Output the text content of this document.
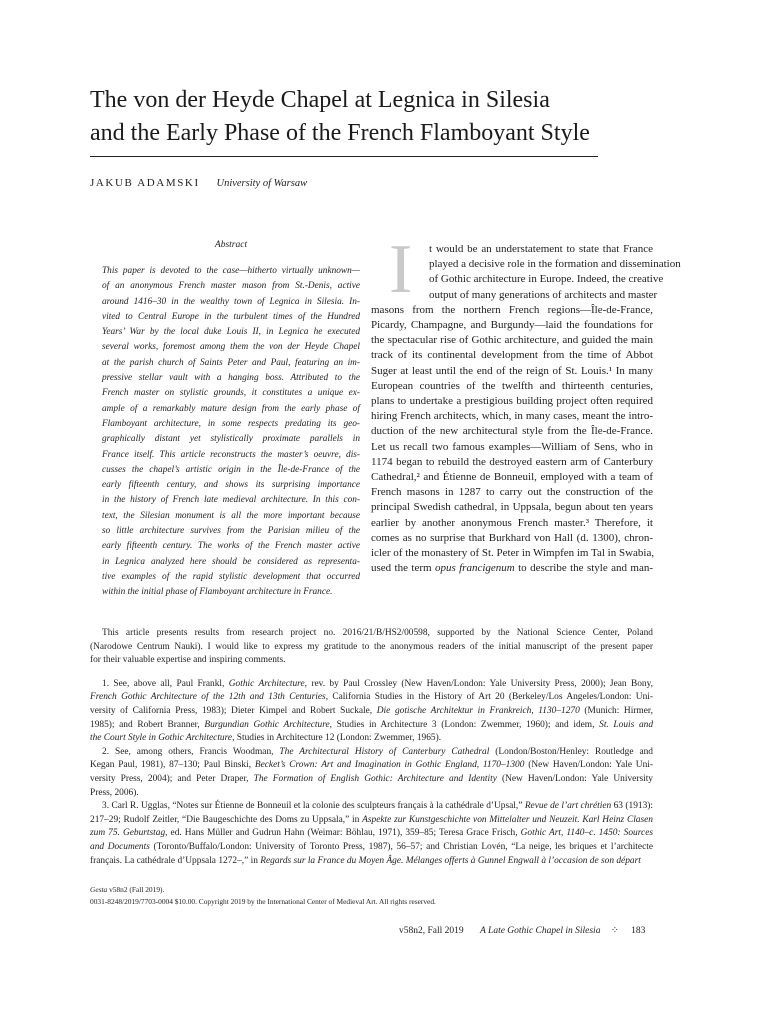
The von der Heyde Chapel at Legnica in Silesia
and the Early Phase of the French Flamboyant Style
JAKUB ADAMSKI University of Warsaw
Abstract
This paper is devoted to the case—hitherto virtually unknown—
of an anonymous French master mason from St.-Denis, active
around 1416–30 in the wealthy town of Legnica in Silesia. In-
vited to Central Europe in the turbulent times of the Hundred
Years’ War by the local duke Louis II, in Legnica he executed
several works, foremost among them the von der Heyde Chapel
at the parish church of Saints Peter and Paul, featuring an im-
pressive stellar vault with a hanging boss. Attributed to the
French master on stylistic grounds, it constitutes a unique ex-
ample of a remarkably mature design from the early phase of
Flamboyant architecture, in some respects predating its geo-
graphically distant yet stylistically proximate parallels in
France itself. This article reconstructs the master’s oeuvre, dis-
cusses the chapel’s artistic origin in the Île-de-France of the
early fifteenth century, and shows its surprising importance
in the history of French late medieval architecture. In this con-
text, the Silesian monument is all the more important because
so little architecture survives from the Parisian milieu of the
early fifteenth century. The works of the French master active
in Legnica analyzed here should be considered as representa-
tive examples of the rapid stylistic development that occurred
within the initial phase of Flamboyant architecture in France.
I	t would be an understatement to state that France
played a decisive role in the formation and dissemination
of Gothic architecture in Europe. Indeed, the creative
output of many generations of architects and master
masons from the northern French regions—Île-de-France,
Picardy, Champagne, and Burgundy—laid the foundations for
the spectacular rise of Gothic architecture, and guided the main
track of its continental development from the time of Abbot
Suger at least until the end of the reign of St. Louis.¹ In many
European countries of the twelfth and thirteenth centuries,
plans to undertake a prestigious building project often required
hiring French architects, which, in many cases, meant the intro-
duction of the new architectural style from the Île-de-France.
Let us recall two famous examples—William of Sens, who in
1174 began to rebuild the destroyed eastern arm of Canterbury
Cathedral,² and Étienne de Bonneuil, employed with a team of
French masons in 1287 to carry out the construction of the
principal Swedish cathedral, in Uppsala, begun about ten years
earlier by another anonymous French master.³ Therefore, it
comes as no surprise that Burkhard von Hall (d. 1300), chron-
icler of the monastery of St. Peter in Wimpfen im Tal in Swabia,
used the term opus francigenum to describe the style and man-
This article presents results from research project no. 2016/21/B/HS2/00598, supported by the National Science Center, Poland
(Narodowe Centrum Nauki). I would like to express my gratitude to the anonymous readers of the initial manuscript of the present paper
for their valuable expertise and inspiring comments.
1. See, above all, Paul Frankl, Gothic Architecture, rev. by Paul Crossley (New Haven/London: Yale University Press, 2000); Jean Bony,
French Gothic Architecture of the 12th and 13th Centuries, California Studies in the History of Art 20 (Berkeley/Los Angeles/London: Uni-
versity of California Press, 1983); Dieter Kimpel and Robert Suckale, Die gotische Architektur in Frankreich, 1130–1270 (Munich: Hirmer,
1985); and Robert Branner, Burgundian Gothic Architecture, Studies in Architecture 3 (London: Zwemmer, 1960); and idem, St. Louis and
the Court Style in Gothic Architecture, Studies in Architecture 12 (London: Zwemmer, 1965).
2. See, among others, Francis Woodman, The Architectural History of Canterbury Cathedral (London/Boston/Henley: Routledge and
Kegan Paul, 1981), 87–130; Paul Binski, Becket’s Crown: Art and Imagination in Gothic England, 1170–1300 (New Haven/London: Yale Uni-
versity Press, 2004); and Peter Draper, The Formation of English Gothic: Architecture and Identity (New Haven/London: Yale University
Press, 2006).
3. Carl R. Ugglas, “Notes sur Étienne de Bonneuil et la colonie des sculpteurs français à la cathédrale d’Upsal,” Revue de l’art chrétien 63 (1913):
217–29; Rudolf Zeitler, “Die Baugeschichte des Doms zu Uppsala,” in Aspekte zur Kunstgeschichte von Mittelalter und Neuzeit. Karl Heinz Clasen
zum 75. Geburtstag, ed. Hans Müller and Gudrun Hahn (Weimar: Böhlau, 1971), 359–85; Teresa Grace Frisch, Gothic Art, 1140–c. 1450: Sources
and Documents (Toronto/Buffalo/London: University of Toronto Press, 1987), 56–57; and Christian Lovén, “La neige, les briques et l’architecte
français. La cathédrale d’Uppsala 1272–,” in Regards sur la France du Moyen Âge. Mélanges offerts à Gunnel Engwall à l’occasion de son départ
Gesta v58n2 (Fall 2019).
0031-8248/2019/7703-0004 $10.00. Copyright 2019 by the International Center of Medieval Art. All rights reserved.
v58n2, Fall 2019 A Late Gothic Chapel in Silesia ⁘ 183
